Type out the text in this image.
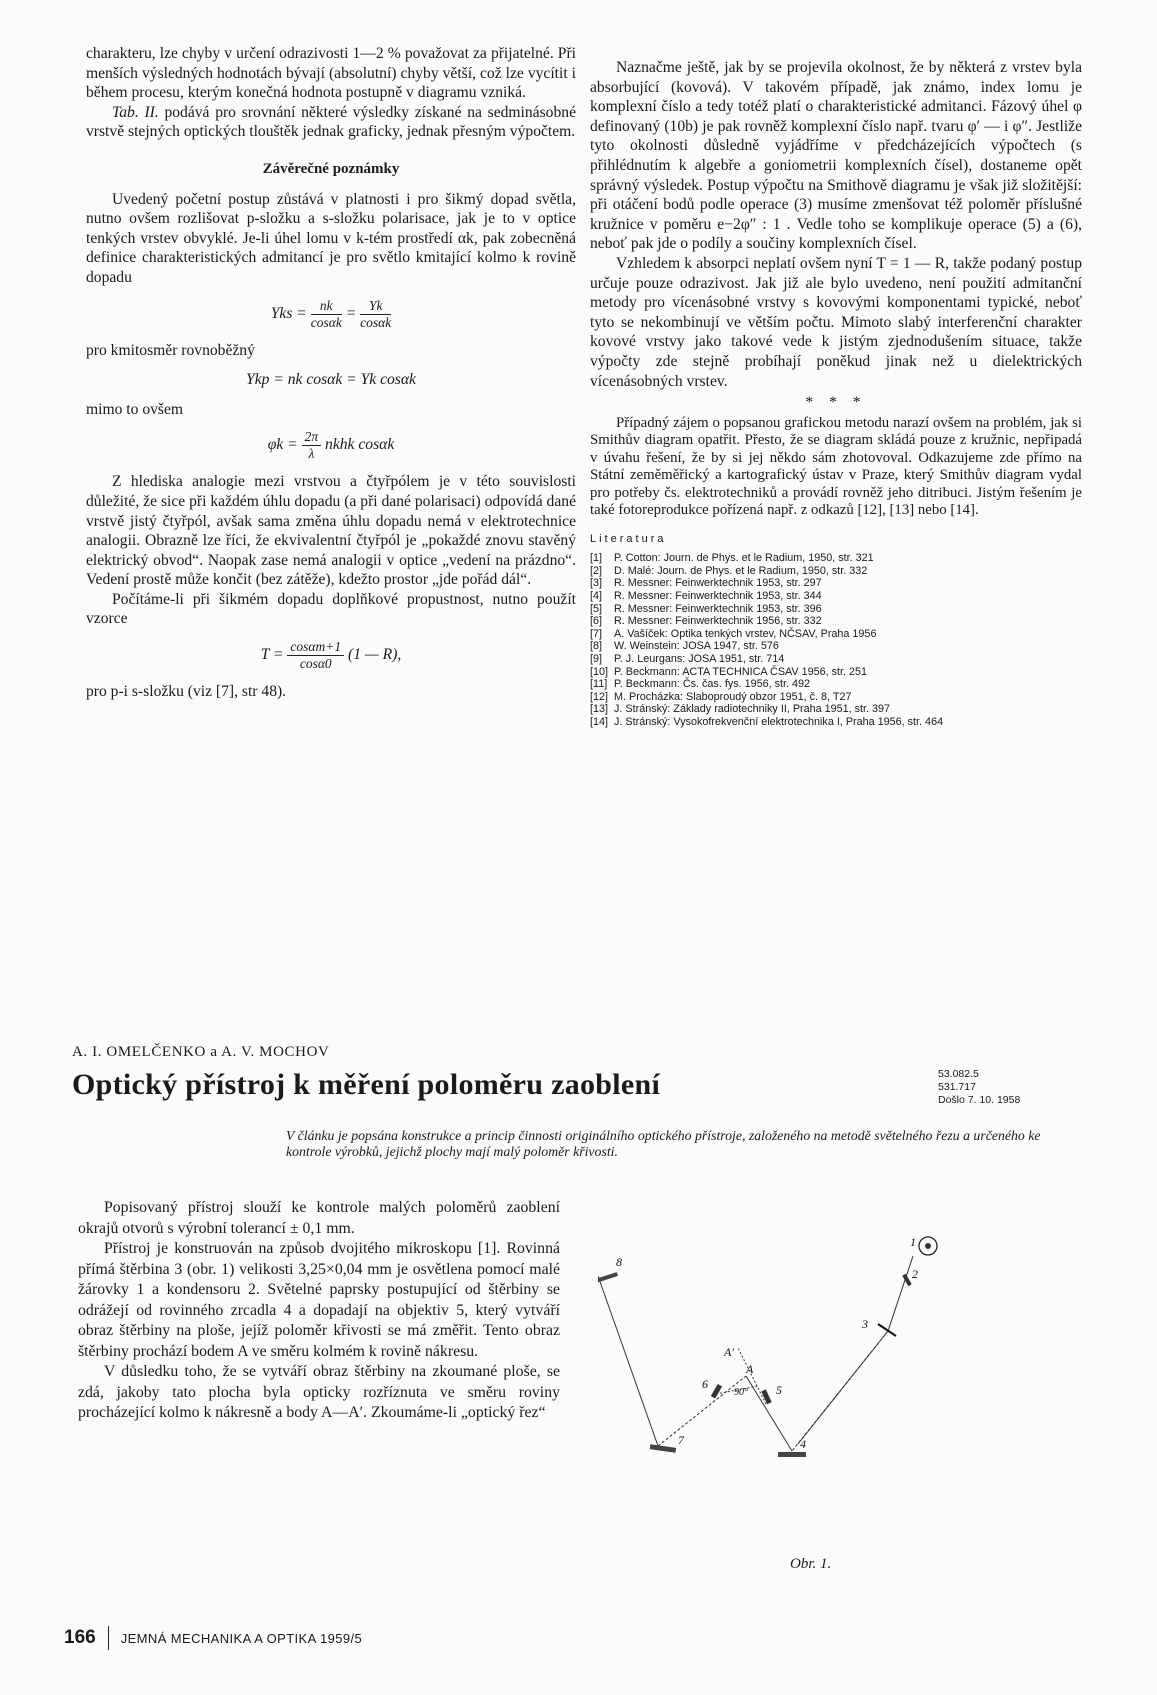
charakteru, lze chyby v určení odrazivosti 1—2 % považovat za přijatelné. Při menších výsledných hodnotách bývají (absolutní) chyby větší, což lze vycítit i během procesu, kterým konečná hodnota postupně v diagramu vzniká.

Tab. II. podává pro srovnání některé výsledky získané na sedminásobné vrstvě stejných optických tlouštěk jednak graficky, jednak přesným výpočtem.

Závěrečné poznámky

Uvedený početní postup zůstává v platnosti i pro šikmý dopad světla, nutno ovšem rozlišovat p-složku a s-složku polarisace, jak je to v optice tenkých vrstev obvyklé. Je-li úhel lomu v k-tém prostředí αk, pak zobecněná definice charakteristických admitancí je pro světlo kmitající kolmo k rovině dopadu

Yks = $\frac{nk}{\cos\alpha k} = \frac{Yk}{\cos\alpha k}$

pro kmitosměr rovnoběžný

Ykp = nk cosαk = Yk cosαk

mimo to ovšem

$\varphi k = \frac{2\pi}{\lambda}$ nkhk cosαk

Z hlediska analogie mezi vrstvou a čtyřpólem je v této souvislosti důležité, že sice při každém úhlu dopadu (a při dané polarisaci) odpovídá dané vrstvě jistý čtyřpól, avšak sama změna úhlu dopadu nemá v elektrotechnice analogii. Obrazně lze říci, že ekvivalentní čtyřpól je „pokaždé znovu stavěný elektrický obvod“. Naopak zase nemá analogii v optice „vedení na prázdno“. Vedení prostě může končit (bez zátěže), kdežto prostor „jde pořád dál“.

Počítáme-li při šikmém dopadu doplňkové propustnost, nutno použít vzorce

$T = \frac{\cos\alpha m+1}{\cos\alpha 0} (1$ — R),

pro p-i s-složku (viz [7], str 48).

Naznačme ještě, jak by se projevila okolnost, že by některá z vrstev byla absorbující (kovová). V takovém případě, jak známo, index lomu je komplexní číslo a tedy totéž platí o charakteristické admitanci. Fázový úhel φ definovaný (10b) je pak rovněž komplexní číslo např. tvaru φ′ — i φ″. Jestliže tyto okolnosti důsledně vyjádříme v předcházejících výpočtech (s přihlédnutím k algebře a goniometrii komplexních čísel), dostaneme opět správný výsledek. Postup výpočtu na Smithově diagramu je však již složitější: při otáčení bodů podle operace (3) musíme zmenšovat též poloměr příslušné kružnice v poměru e−2φ″ : 1 . Vedle toho se komplikuje operace (5) a (6), neboť pak jde o podíly a součiny komplexních čísel.

Vzhledem k absorpci neplatí ovšem nyní T = 1 — R, takže podaný postup určuje pouze odrazivost. Jak již ale bylo uvedeno, není použití admitanční metody pro vícenásobné vrstvy s kovovými komponentami typické, neboť tyto se nekombinují ve větším počtu. Mimoto slabý interferenční charakter kovové vrstvy jako takové vede k jistým zjednodušením situace, takže výpočty zde stejně probíhají poněkud jinak než u dielektrických vícenásobných vrstev.

* * *

Případný zájem o popsanou grafickou metodu narazí ovšem na problém, jak si Smithův diagram opatřit. Přesto, že se diagram skládá pouze z kružnic, nepřipadá v úvahu řešení, že by si jej někdo sám zhotovoval. Odkazujeme zde přímo na Státní zeměměřický a kartografický ústav v Praze, který Smithův diagram vydal pro potřeby čs. elektrotechniků a provádí rovněž jeho ditribuci. Jistým řešením je také fotoreprodukce pořízená např. z odkazů [12], [13] nebo [14].

Literatura

[1] P. Cotton: Journ. de Phys. et le Radium, 1950, str. 321
[2] D. Malé: Journ. de Phys. et le Radium, 1950, str. 332
[3] R. Messner: Feinwerktechnik 1953, str. 297
[4] R. Messner: Feinwerktechnik 1953, str. 344
[5] R. Messner: Feinwerktechnik 1953, str. 396
[6] R. Messner: Feinwerktechnik 1956, str. 332
[7] A. Vašíček: Optika tenkých vrstev, NČSAV, Praha 1956
[8] W. Weinstein: JOSA 1947, str. 576
[9] P. J. Leurgans: JOSA 1951, str. 714
[10] P. Beckmann: ACTA TECHNICA ČSAV 1956, str. 251
[11] P. Beckmann: Čs. čas. fys. 1956, str. 492
[12] M. Procházka: Slaboproudý obzor 1951, č. 8, T27
[13] J. Stránský: Základy radiotechniky II, Praha 1951, str. 397
[14] J. Stránský: Vysokofrekvenční elektrotechnika I, Praha 1956, str. 464
A. I. OMELČENKO a A. V. MOCHOV
Optický přístroj k měření poloměru zaoblení	53.082.5
531.717
Došlo 7. 10. 1958
V článku je popsána konstrukce a princip činnosti originálního optického přístroje, založeného na metodě světelného řezu a určeného ke kontrole výrobků, jejichž plochy mají malý poloměr křivosti.

Popisovaný přístroj slouží ke kontrole malých poloměrů zaoblení okrajů otvorů s výrobní tolerancí ± 0,1 mm.

Přístroj je konstruován na způsob dvojitého mikroskopu [1]. Rovinná přímá štěrbina 3 (obr. 1) velikosti 3,25×0,04 mm je osvětlena pomocí malé žárovky 1 a kondensoru 2. Světelné paprsky postupující od štěrbiny se odrážejí od rovinného zrcadla 4 a dopadají na objektiv 5, který vytváří obraz štěrbiny na ploše, jejíž poloměr křivosti se má změřit. Tento obraz štěrbiny prochází bodem A ve směru kolmém k rovině nákresu.

V důsledku toho, že se vytváří obraz štěrbiny na zkoumané ploše, se zdá, jakoby tato plocha byla opticky rozříznuta ve směru roviny procházející kolmo k nákresně a body A—A′. Zkoumáme-li „optický řez“

1
2
3
4
5
6
7
8
A
A′
90°
Obr. 1.
166 JEMNÁ MECHANIKA A OPTIKA 1959/5
